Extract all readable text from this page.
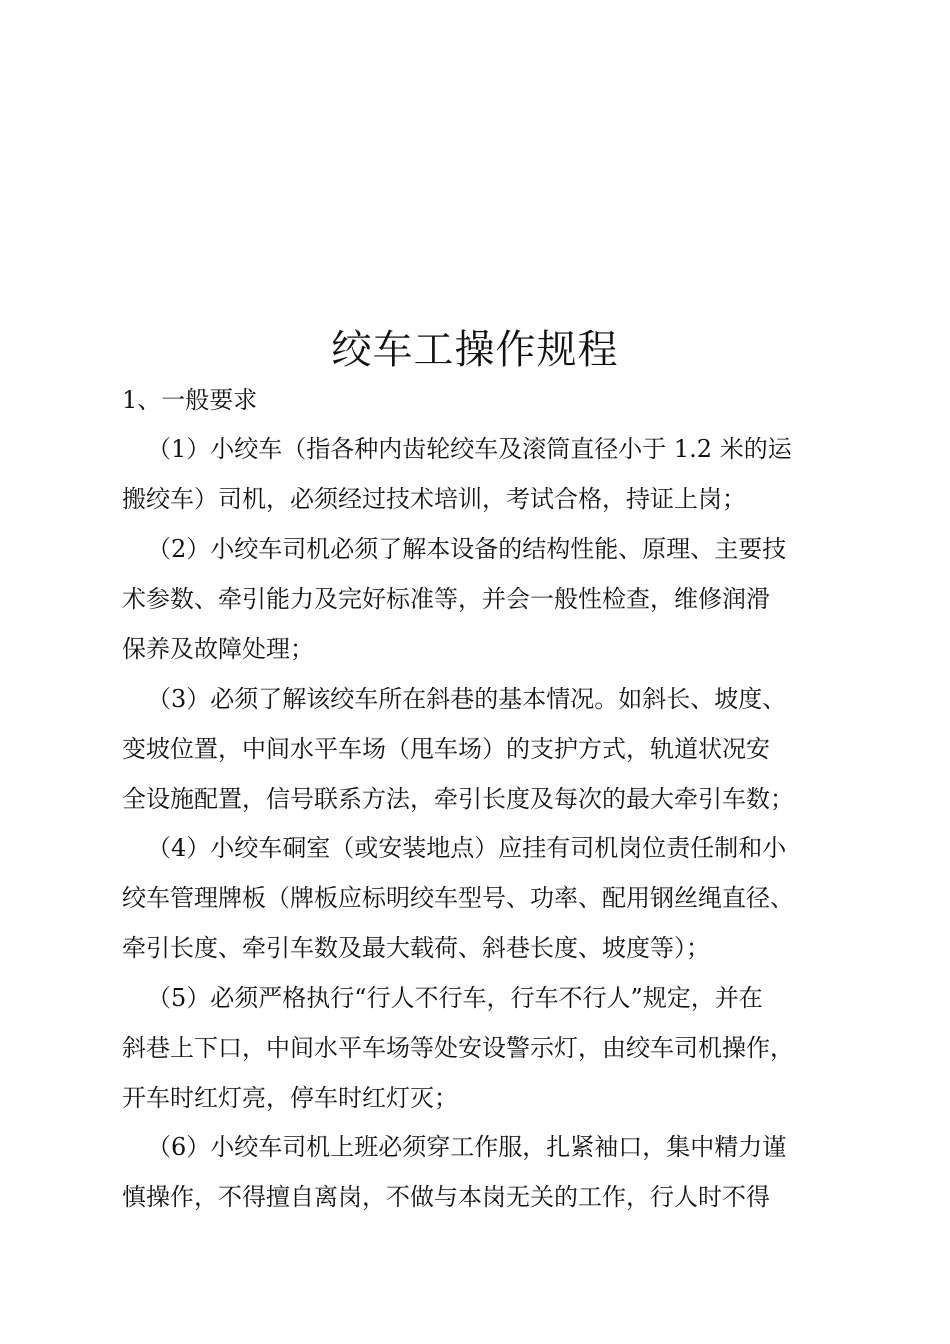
绞车工操作规程

1、一般要求

（1）小绞车（指各种内齿轮绞车及滚筒直径小于 1.2 米的运

搬绞车）司机，必须经过技术培训，考试合格，持证上岗；

（2）小绞车司机必须了解本设备的结构性能、原理、主要技

术参数、牵引能力及完好标准等，并会一般性检查，维修润滑

保养及故障处理；

（3）必须了解该绞车所在斜巷的基本情况。如斜长、坡度、

变坡位置，中间水平车场（甩车场）的支护方式，轨道状况安

全设施配置，信号联系方法，牵引长度及每次的最大牵引车数；

（4）小绞车硐室（或安装地点）应挂有司机岗位责任制和小

绞车管理牌板（牌板应标明绞车型号、功率、配用钢丝绳直径、

牵引长度、牵引车数及最大载荷、斜巷长度、坡度等）；

（5）必须严格执行“行人不行车，行车不行人”规定，并在

斜巷上下口，中间水平车场等处安设警示灯，由绞车司机操作，

开车时红灯亮，停车时红灯灭；

（6）小绞车司机上班必须穿工作服，扎紧袖口，集中精力谨

慎操作，不得擅自离岗，不做与本岗无关的工作，行人时不得
